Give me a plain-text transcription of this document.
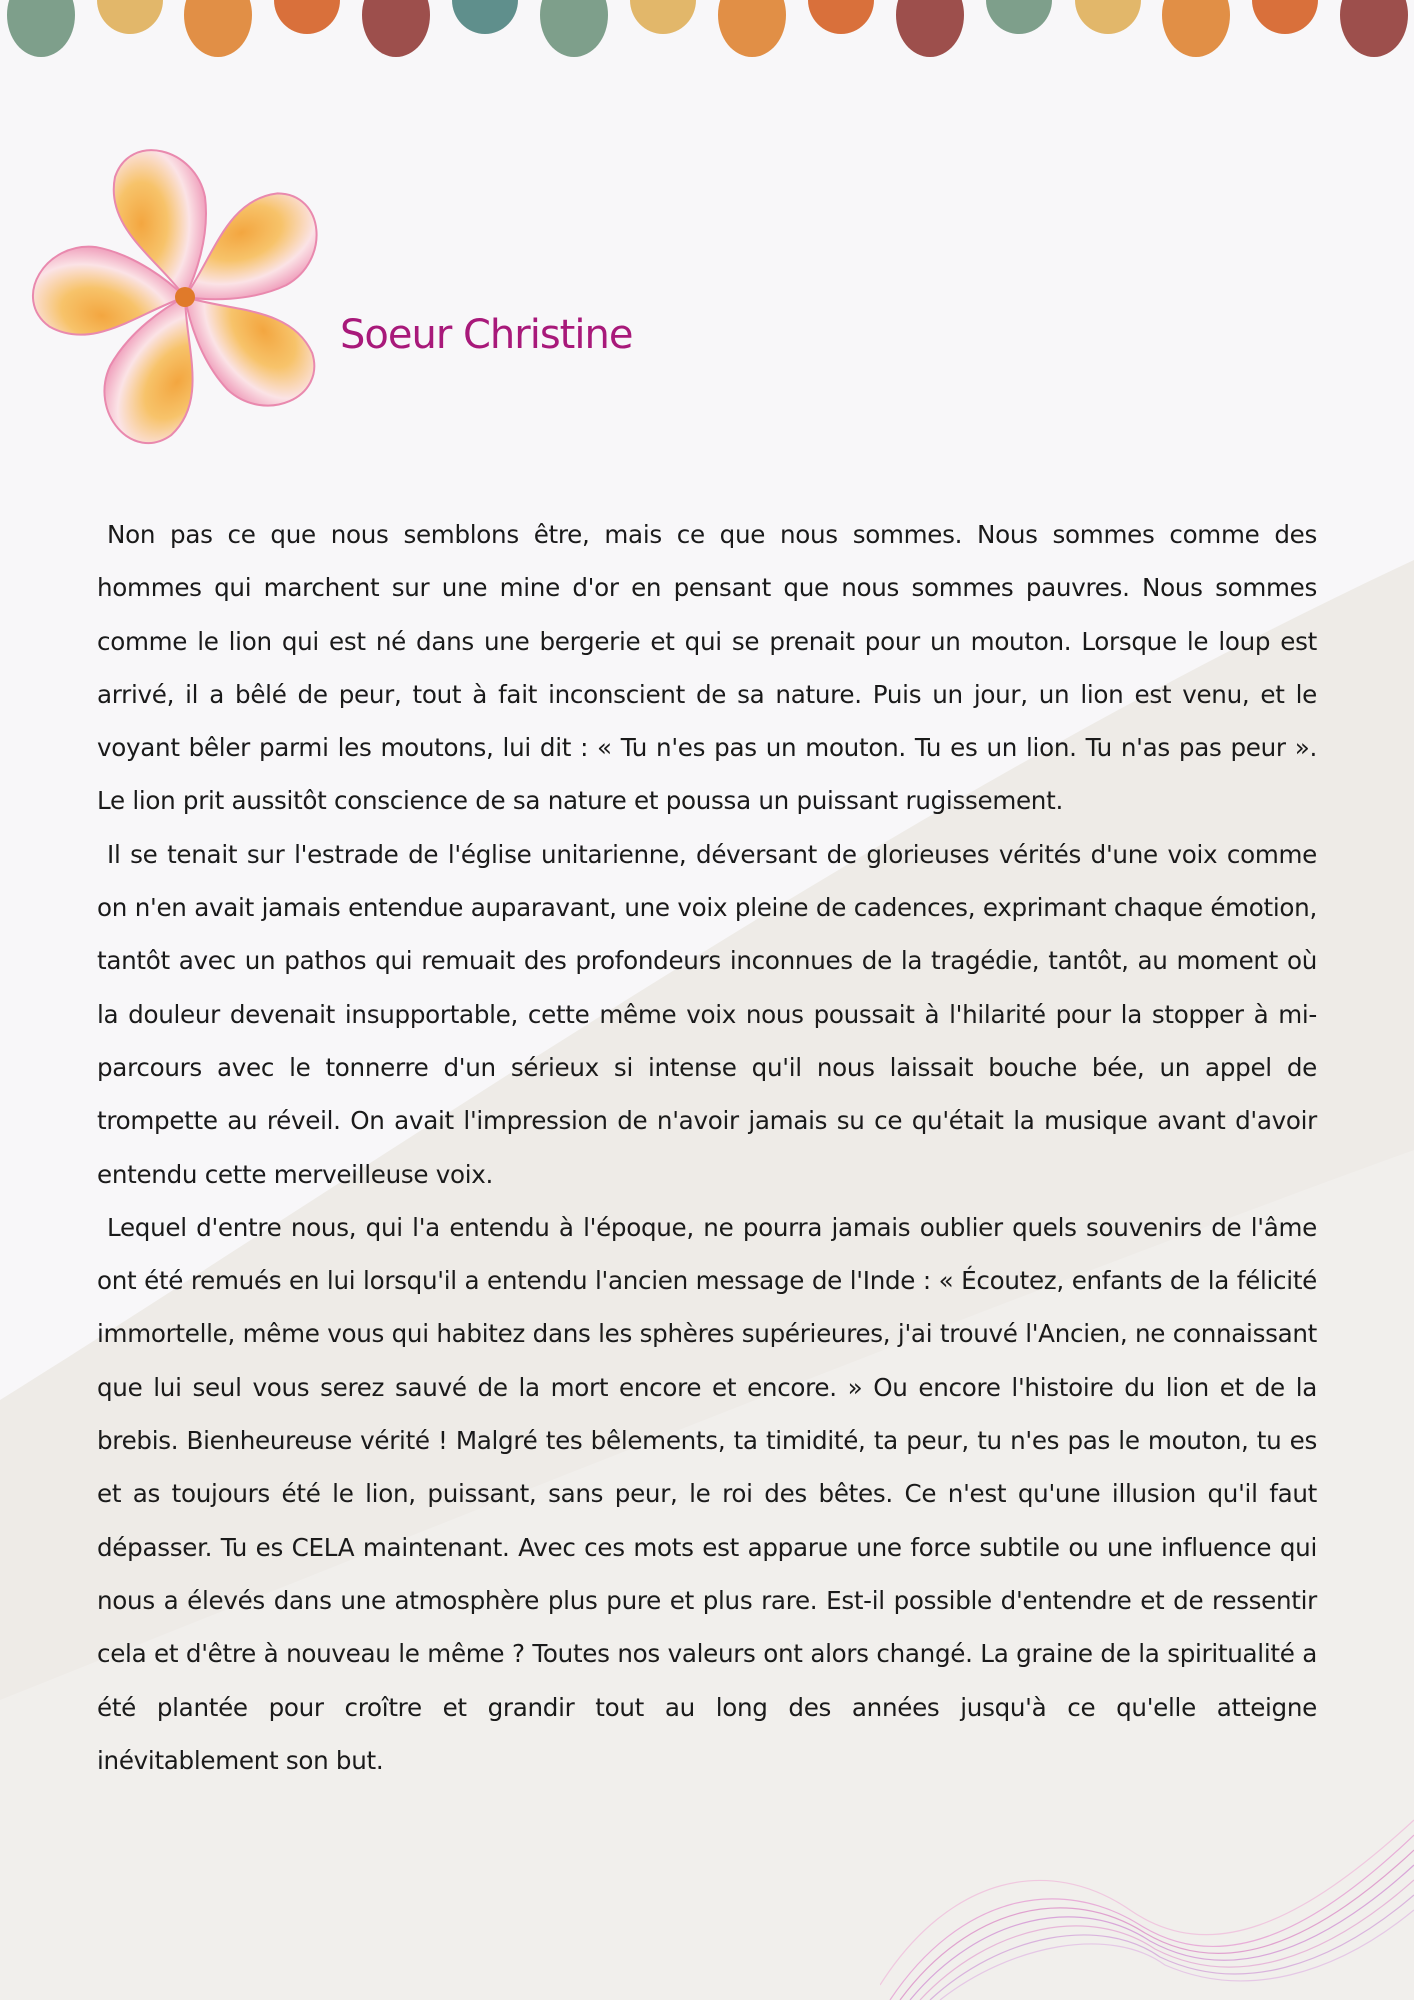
Soeur Christine

Non pas ce que nous semblons être, mais ce que nous sommes. Nous sommes comme des hommes qui marchent sur une mine d'or en pensant que nous sommes pauvres. Nous sommes comme le lion qui est né dans une bergerie et qui se prenait pour un mouton. Lorsque le loup est arrivé, il a bêlé de peur, tout à fait inconscient de sa nature. Puis un jour, un lion est venu, et le voyant bêler parmi les moutons, lui dit : « Tu n'es pas un mouton. Tu es un lion. Tu n'as pas peur ». Le lion prit aussitôt conscience de sa nature et poussa un puissant rugissement.

Il se tenait sur l'estrade de l'église unitarienne, déversant de glorieuses vérités d'une voix comme on n'en avait jamais entendue auparavant, une voix pleine de cadences, exprimant chaque émotion, tantôt avec un pathos qui remuait des profondeurs inconnues de la tragédie, tantôt, au moment où la douleur devenait insupportable, cette même voix nous poussait à l'hilarité pour la stopper à mi-parcours avec le tonnerre d'un sérieux si intense qu'il nous laissait bouche bée, un appel de trompette au réveil. On avait l'impression de n'avoir jamais su ce qu'était la musique avant d'avoir entendu cette merveilleuse voix.

Lequel d'entre nous, qui l'a entendu à l'époque, ne pourra jamais oublier quels souvenirs de l'âme ont été remués en lui lorsqu'il a entendu l'ancien message de l'Inde : « Écoutez, enfants de la félicité immortelle, même vous qui habitez dans les sphères supérieures, j'ai trouvé l'Ancien, ne connaissant que lui seul vous serez sauvé de la mort encore et encore. » Ou encore l'histoire du lion et de la brebis. Bienheureuse vérité ! Malgré tes bêlements, ta timidité, ta peur, tu n'es pas le mouton, tu es et as toujours été le lion, puissant, sans peur, le roi des bêtes. Ce n'est qu'une illusion qu'il faut dépasser. Tu es CELA maintenant. Avec ces mots est apparue une force subtile ou une influence qui nous a élevés dans une atmosphère plus pure et plus rare. Est-il possible d'entendre et de ressentir cela et d'être à nouveau le même ? Toutes nos valeurs ont alors changé. La graine de la spiritualité a été plantée pour croître et grandir tout au long des années jusqu'à ce qu'elle atteigne inévitablement son but.
